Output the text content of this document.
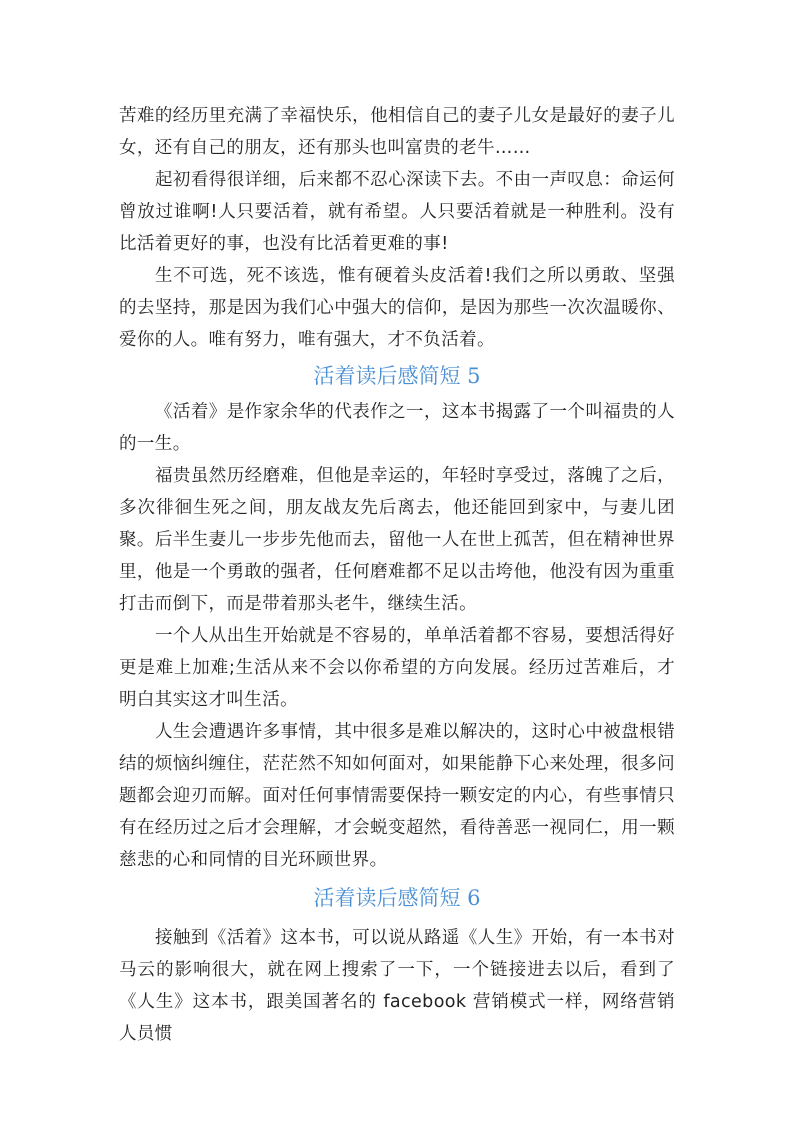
苦难的经历里充满了幸福快乐，他相信自己的妻子儿女是最好的妻子儿女，还有自己的朋友，还有那头也叫富贵的老牛……

起初看得很详细，后来都不忍心深读下去。不由一声叹息：命运何曾放过谁啊!人只要活着，就有希望。人只要活着就是一种胜利。没有比活着更好的事，也没有比活着更难的事!

生不可选，死不该选，惟有硬着头皮活着!我们之所以勇敢、坚强的去坚持，那是因为我们心中强大的信仰，是因为那些一次次温暖你、爱你的人。唯有努力，唯有强大，才不负活着。

活着读后感简短 5

《活着》是作家余华的代表作之一，这本书揭露了一个叫福贵的人的一生。

福贵虽然历经磨难，但他是幸运的，年轻时享受过，落魄了之后，多次徘徊生死之间，朋友战友先后离去，他还能回到家中，与妻儿团聚。后半生妻儿一步步先他而去，留他一人在世上孤苦，但在精神世界里，他是一个勇敢的强者，任何磨难都不足以击垮他，他没有因为重重打击而倒下，而是带着那头老牛，继续生活。

一个人从出生开始就是不容易的，单单活着都不容易，要想活得好更是难上加难;生活从来不会以你希望的方向发展。经历过苦难后，才明白其实这才叫生活。

人生会遭遇许多事情，其中很多是难以解决的，这时心中被盘根错结的烦恼纠缠住，茫茫然不知如何面对，如果能静下心来处理，很多问题都会迎刃而解。面对任何事情需要保持一颗安定的内心，有些事情只有在经历过之后才会理解，才会蜕变超然，看待善恶一视同仁，用一颗慈悲的心和同情的目光环顾世界。

活着读后感简短 6

接触到《活着》这本书，可以说从路遥《人生》开始，有一本书对马云的影响很大，就在网上搜索了一下，一个链接进去以后，看到了《人生》这本书，跟美国著名的 facebook 营销模式一样，网络营销人员惯
